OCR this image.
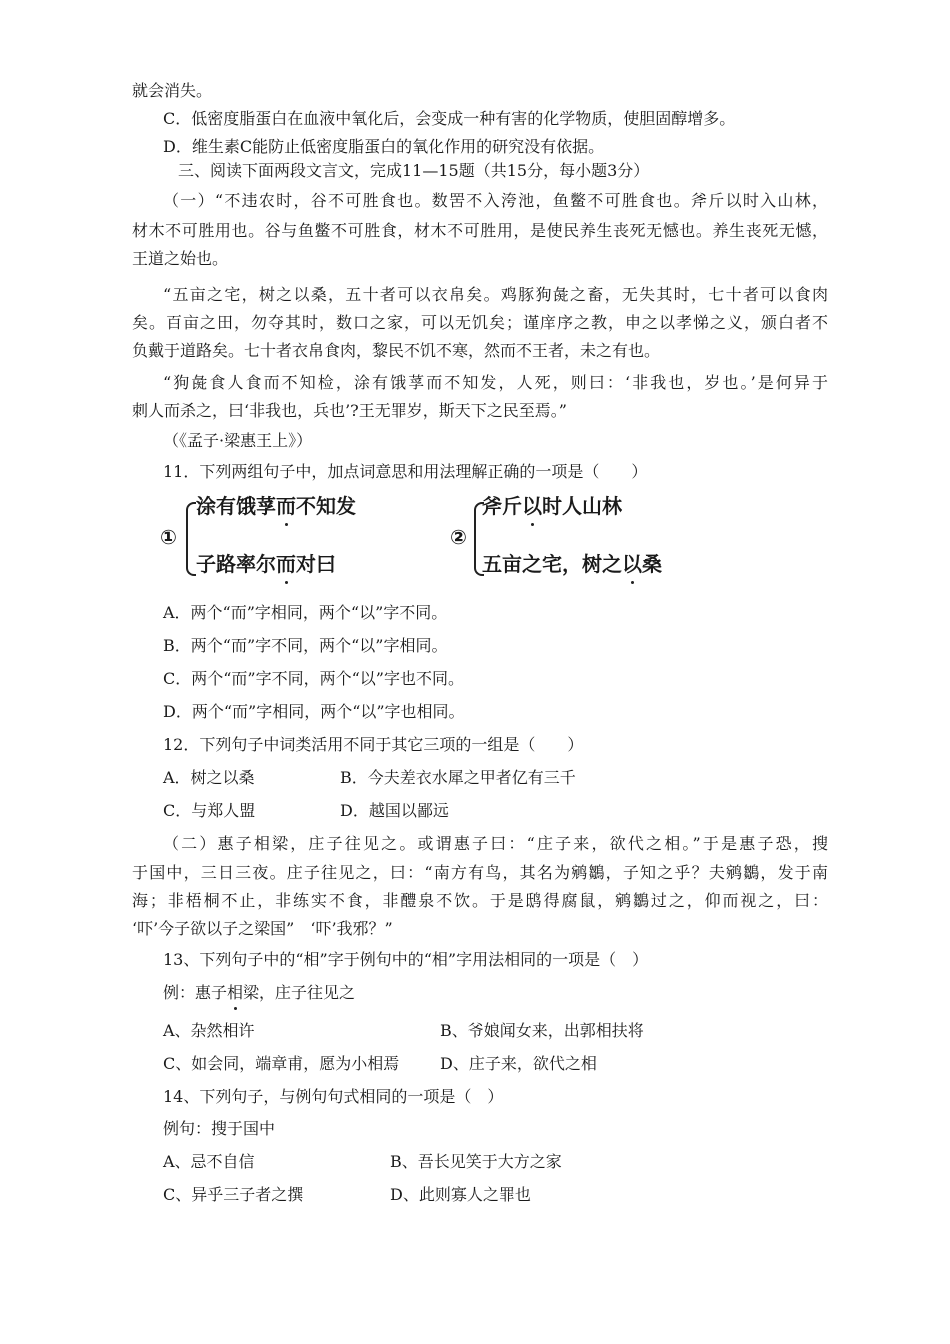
就会消失。
C．低密度脂蛋白在血液中氧化后，会变成一种有害的化学物质，使胆固醇增多。
D．维生素C能防止低密度脂蛋白的氧化作用的研究没有依据。
三、阅读下面两段文言文，完成11—15题（共15分，每小题3分）
（一）“不违农时，谷不可胜食也。数罟不入洿池，鱼鳖不可胜食也。斧斤以时入山林，
材木不可胜用也。谷与鱼鳖不可胜食，材木不可胜用，是使民养生丧死无憾也。养生丧死无憾，
王道之始也。
“五亩之宅，树之以桑，五十者可以衣帛矣。鸡豚狗彘之畜，无失其时，七十者可以食肉
矣。百亩之田，勿夺其时，数口之家，可以无饥矣；谨庠序之教，申之以孝悌之义，颁白者不
负戴于道路矣。七十者衣帛食肉，黎民不饥不寒，然而不王者，未之有也。
“狗彘食人食而不知检，涂有饿莩而不知发，人死，则曰：‘非我也，岁也。’是何异于
刺人而杀之，曰‘非我也，兵也’?王无罪岁，斯天下之民至焉。”
（《孟子·梁惠王上》）
11．下列两组句子中，加点词意思和用法理解正确的一项是（　　）
①
涂有饿莩而不知发
子路率尔而对曰
②
斧斤以时人山林
五亩之宅，树之以桑
A．两个“而”字相同，两个“以”字不同。
B．两个“而”字不同，两个“以”字相同。
C．两个“而”字不同，两个“以”字也不同。
D．两个“而”字相同，两个“以”字也相同。
12．下列句子中词类活用不同于其它三项的一组是（　　）
A．树之以桑	B．今夫差衣水犀之甲者亿有三千
C．与郑人盟	D．越国以鄙远
（二）惠子相梁，庄子往见之。或谓惠子曰：“庄子来，欲代之相。”于是惠子恐，搜
于国中，三日三夜。庄子往见之，曰：“南方有鸟，其名为鹓鶵，子知之乎？夫鹓鶵，发于南
海；非梧桐不止，非练实不食，非醴泉不饮。于是鸱得腐鼠，鹓鶵过之，仰而视之，曰：
‘吓’今子欲以子之梁国”　‘吓’我邪？”
13、下列句子中的“相”字于例句中的“相”字用法相同的一项是（　）
例：惠子相梁，庄子往见之
A、杂然相许	B、爷娘闻女来，出郭相扶将
C、如会同，端章甫，愿为小相焉	D、庄子来，欲代之相
14、下列句子，与例句句式相同的一项是（　）
例句：搜于国中
A、忌不自信	B、吾长见笑于大方之家
C、异乎三子者之撰	D、此则寡人之罪也
